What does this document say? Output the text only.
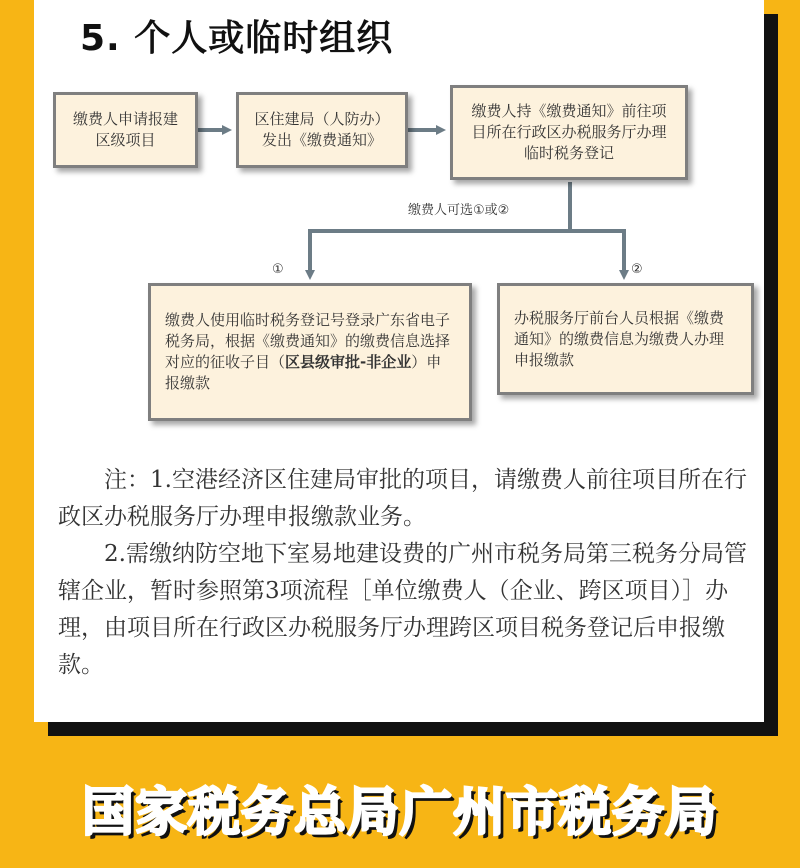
5. 个人或临时组织
缴费人申请报建区级项目
区住建局（人防办）发出《缴费通知》
缴费人持《缴费通知》前往项目所在行政区办税服务厅办理临时税务登记
缴费人可选①或②
①	②
缴费人使用临时税务登记号登录广东省电子税务局，根据《缴费通知》的缴费信息选择对应的征收子目（区县级审批-非企业）申报缴款
办税服务厅前台人员根据《缴费通知》的缴费信息为缴费人办理申报缴款

注：1.空港经济区住建局审批的项目，请缴费人前往项目所在行政区办税服务厅办理申报缴款业务。

2.需缴纳防空地下室易地建设费的广州市税务局第三税务分局管辖企业，暂时参照第3项流程［单位缴费人（企业、跨区项目）］办理，由项目所在行政区办税服务厅办理跨区项目税务登记后申报缴款。

国家税务总局广州市税务局
